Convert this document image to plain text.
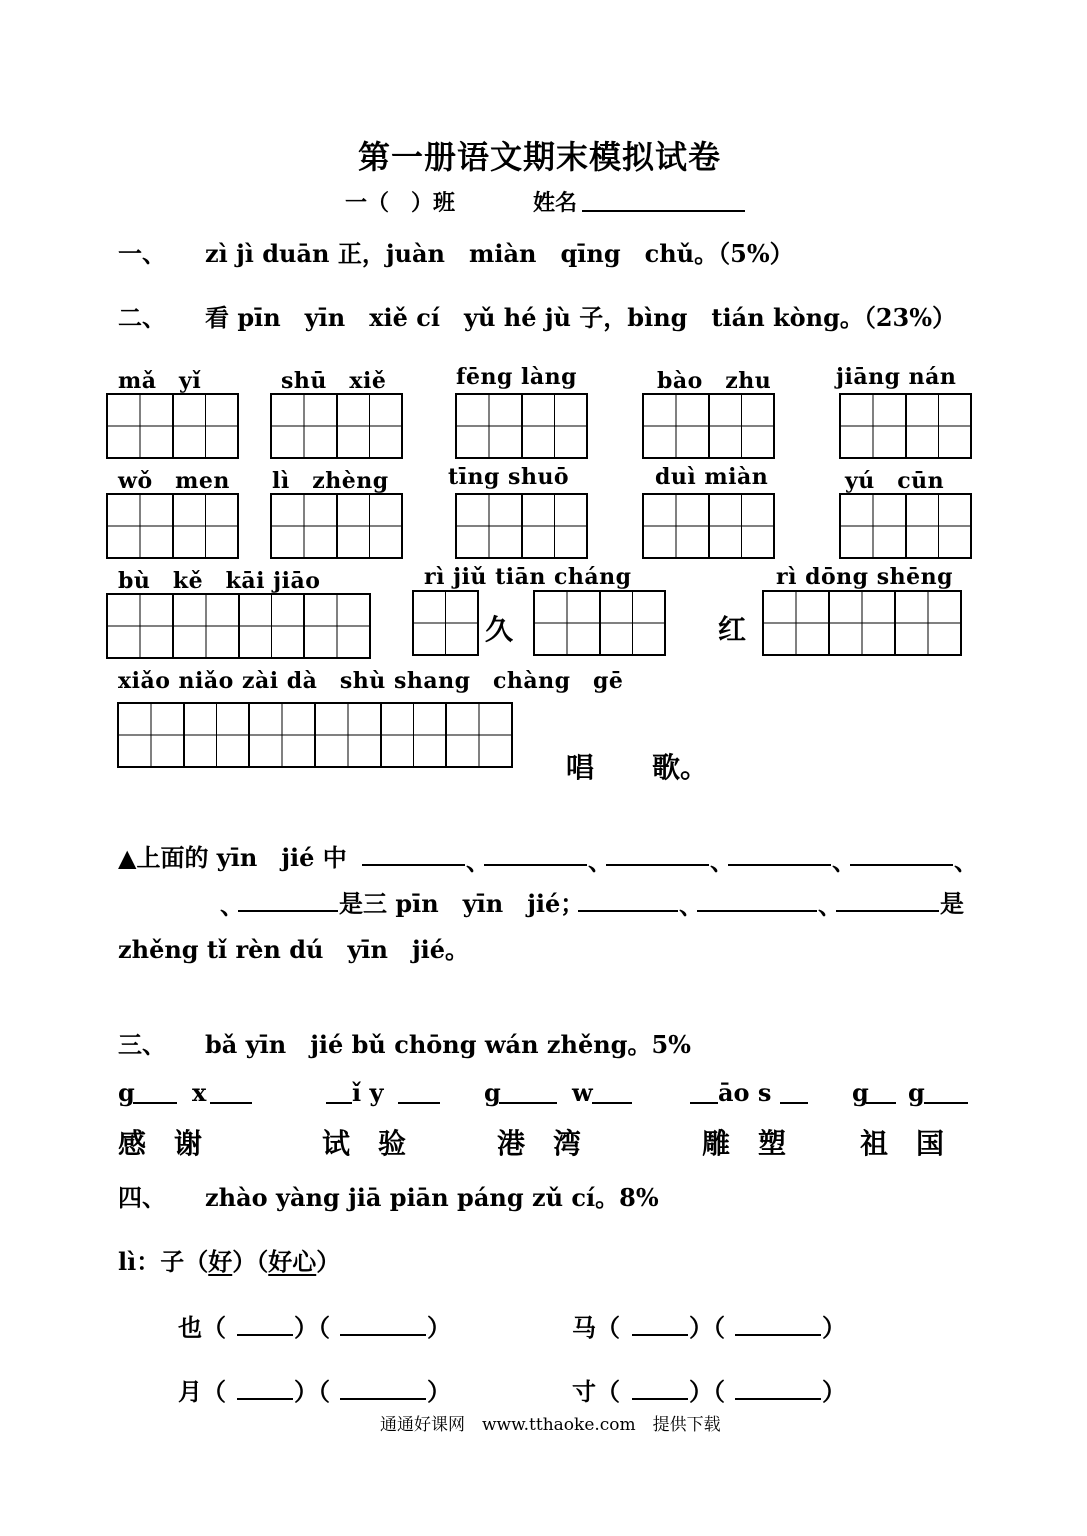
第一册语文期末模拟试卷
一（　）班	姓名
一、 zì jì duān 正，juàn　miàn　qīng　chǔ。（5%）
二、 看 pīn　yīn　xiě cí　yǔ hé jù 子，bìng　tián kòng。（23%）
mǎ　yǐ	shū　xiě	fēng làng	bào　zhu	jiāng nán
wǒ　men lì　zhèng	tīng shuō	duì miàn	yú　cūn
bù　kě　kāi jiāo	rì jiǔ tiān cháng	rì dōng shēng
久	红
xiǎo niǎo zài dà　shù shang　chàng　gē
唱 歌。
▲上面的 yīn　jié 中	、	、	、	、	、
、	是三 pīn　yīn　jié；	、	、	是
zhěng tǐ rèn dú　yīn　jié。
三、 bǎ yīn　jié bǔ chōng wán zhěng。5%
g x	ǐ y	g	w	āo s	g g
感　谢	试　验	港　湾	雕　塑	祖　国
四、 zhào yàng jiā piān páng zǔ cí。8%
lì：子（好）（好心）
也（	）（	）	马（	）（	）
月（	）（	）	寸（	）（	）
通通好课网　www.tthaoke.com　提供下载
